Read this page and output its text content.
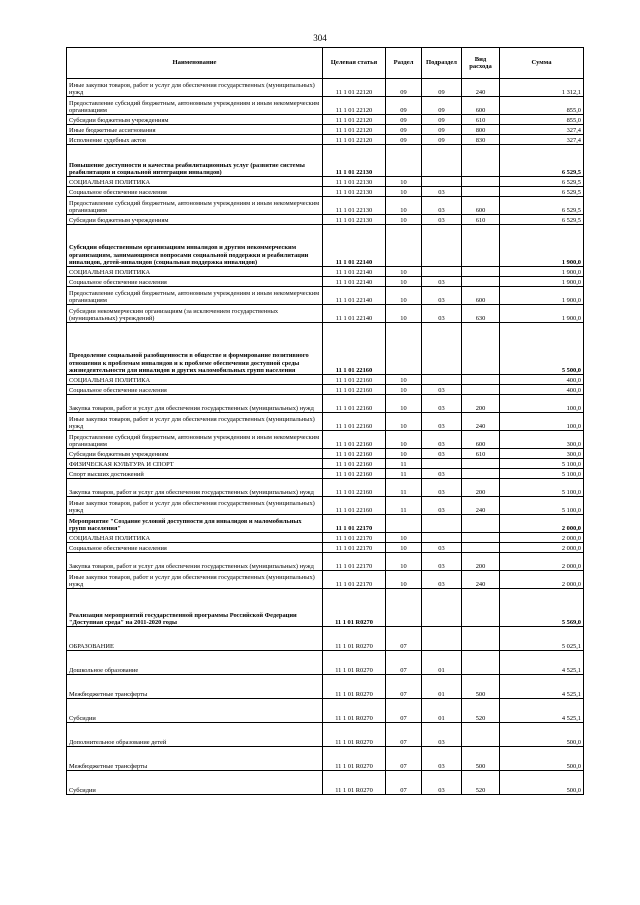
304
Наименование	Целевая статья	Раздел	Подраздел	Вид расхода	Сумма
Иные закупки товаров, работ и услуг для обеспечения государственных (муниципальных) нужд	11 1 01 22120	09	09	240	1 312,1
Предоставление субсидий бюджетным, автономным учреждениям и иным некоммерческим организациям	11 1 01 22120	09	09	600	855,0
Субсидии бюджетным учреждениям	11 1 01 22120	09	09	610	855,0
Иные бюджетные ассигнования	11 1 01 22120	09	09	800	327,4
Исполнение судебных актов	11 1 01 22120	09	09	830	327,4
Повышение доступности и качества реабилитационных услуг (развитие системы реабилитации и социальной интеграции инвалидов)	11 1 01 22130				6 529,5
СОЦИАЛЬНАЯ ПОЛИТИКА	11 1 01 22130	10			6 529,5
Социальное обеспечение населения	11 1 01 22130	10	03		6 529,5
Предоставление субсидий бюджетным, автономным учреждениям и иным некоммерческим организациям	11 1 01 22130	10	03	600	6 529,5
Субсидии бюджетным учреждениям	11 1 01 22130	10	03	610	6 529,5
Субсидии общественным организациям инвалидов и другим некоммерческим организациям, занимающимся вопросами социальной поддержки и реабилитации инвалидов, детей-инвалидов (социальная поддержка инвалидов)	11 1 01 22140				1 900,0
СОЦИАЛЬНАЯ ПОЛИТИКА	11 1 01 22140	10			1 900,0
Социальное обеспечение населения	11 1 01 22140	10	03		1 900,0
Предоставление субсидий бюджетным, автономным учреждениям и иным некоммерческим организациям	11 1 01 22140	10	03	600	1 900,0
Субсидии некоммерческим организациям (за исключением государственных (муниципальных) учреждений)	11 1 01 22140	10	03	630	1 900,0
Преодоление социальной разобщенности в обществе и формирование позитивного отношения к проблемам инвалидов и к проблеме обеспечения доступной среды жизнедеятельности для инвалидов и других маломобильных групп населения	11 1 01 22160				5 500,0
СОЦИАЛЬНАЯ ПОЛИТИКА	11 1 01 22160	10			400,0
Социальное обеспечение населения	11 1 01 22160	10	03		400,0
Закупка товаров, работ и услуг для обеспечения государственных (муниципальных) нужд	11 1 01 22160	10	03	200	100,0
Иные закупки товаров, работ и услуг для обеспечения государственных (муниципальных) нужд	11 1 01 22160	10	03	240	100,0
Предоставление субсидий бюджетным, автономным учреждениям и иным некоммерческим организациям	11 1 01 22160	10	03	600	300,0
Субсидии бюджетным учреждениям	11 1 01 22160	10	03	610	300,0
ФИЗИЧЕСКАЯ КУЛЬТУРА И СПОРТ	11 1 01 22160	11			5 100,0
Спорт высших достижений	11 1 01 22160	11	03		5 100,0
Закупка товаров, работ и услуг для обеспечения государственных (муниципальных) нужд	11 1 01 22160	11	03	200	5 100,0
Иные закупки товаров, работ и услуг для обеспечения государственных (муниципальных) нужд	11 1 01 22160	11	03	240	5 100,0
Мероприятие "Создание условий доступности для инвалидов и маломобильных групп населения"	11 1 01 22170				2 000,0
СОЦИАЛЬНАЯ ПОЛИТИКА	11 1 01 22170	10			2 000,0
Социальное обеспечение населения	11 1 01 22170	10	03		2 000,0
Закупка товаров, работ и услуг для обеспечения государственных (муниципальных) нужд	11 1 01 22170	10	03	200	2 000,0
Иные закупки товаров, работ и услуг для обеспечения государственных (муниципальных) нужд	11 1 01 22170	10	03	240	2 000,0
Реализация мероприятий государственной программы Российской Федерации "Доступная среда" на 2011-2020 годы	11 1 01 R0270				5 569,0
ОБРАЗОВАНИЕ	11 1 01 R0270	07			5 025,1
Дошкольное образование	11 1 01 R0270	07	01		4 525,1
Межбюджетные трансферты	11 1 01 R0270	07	01	500	4 525,1
Субсидии	11 1 01 R0270	07	01	520	4 525,1
Дополнительное образование детей	11 1 01 R0270	07	03		500,0
Межбюджетные трансферты	11 1 01 R0270	07	03	500	500,0
Субсидии	11 1 01 R0270	07	03	520	500,0
